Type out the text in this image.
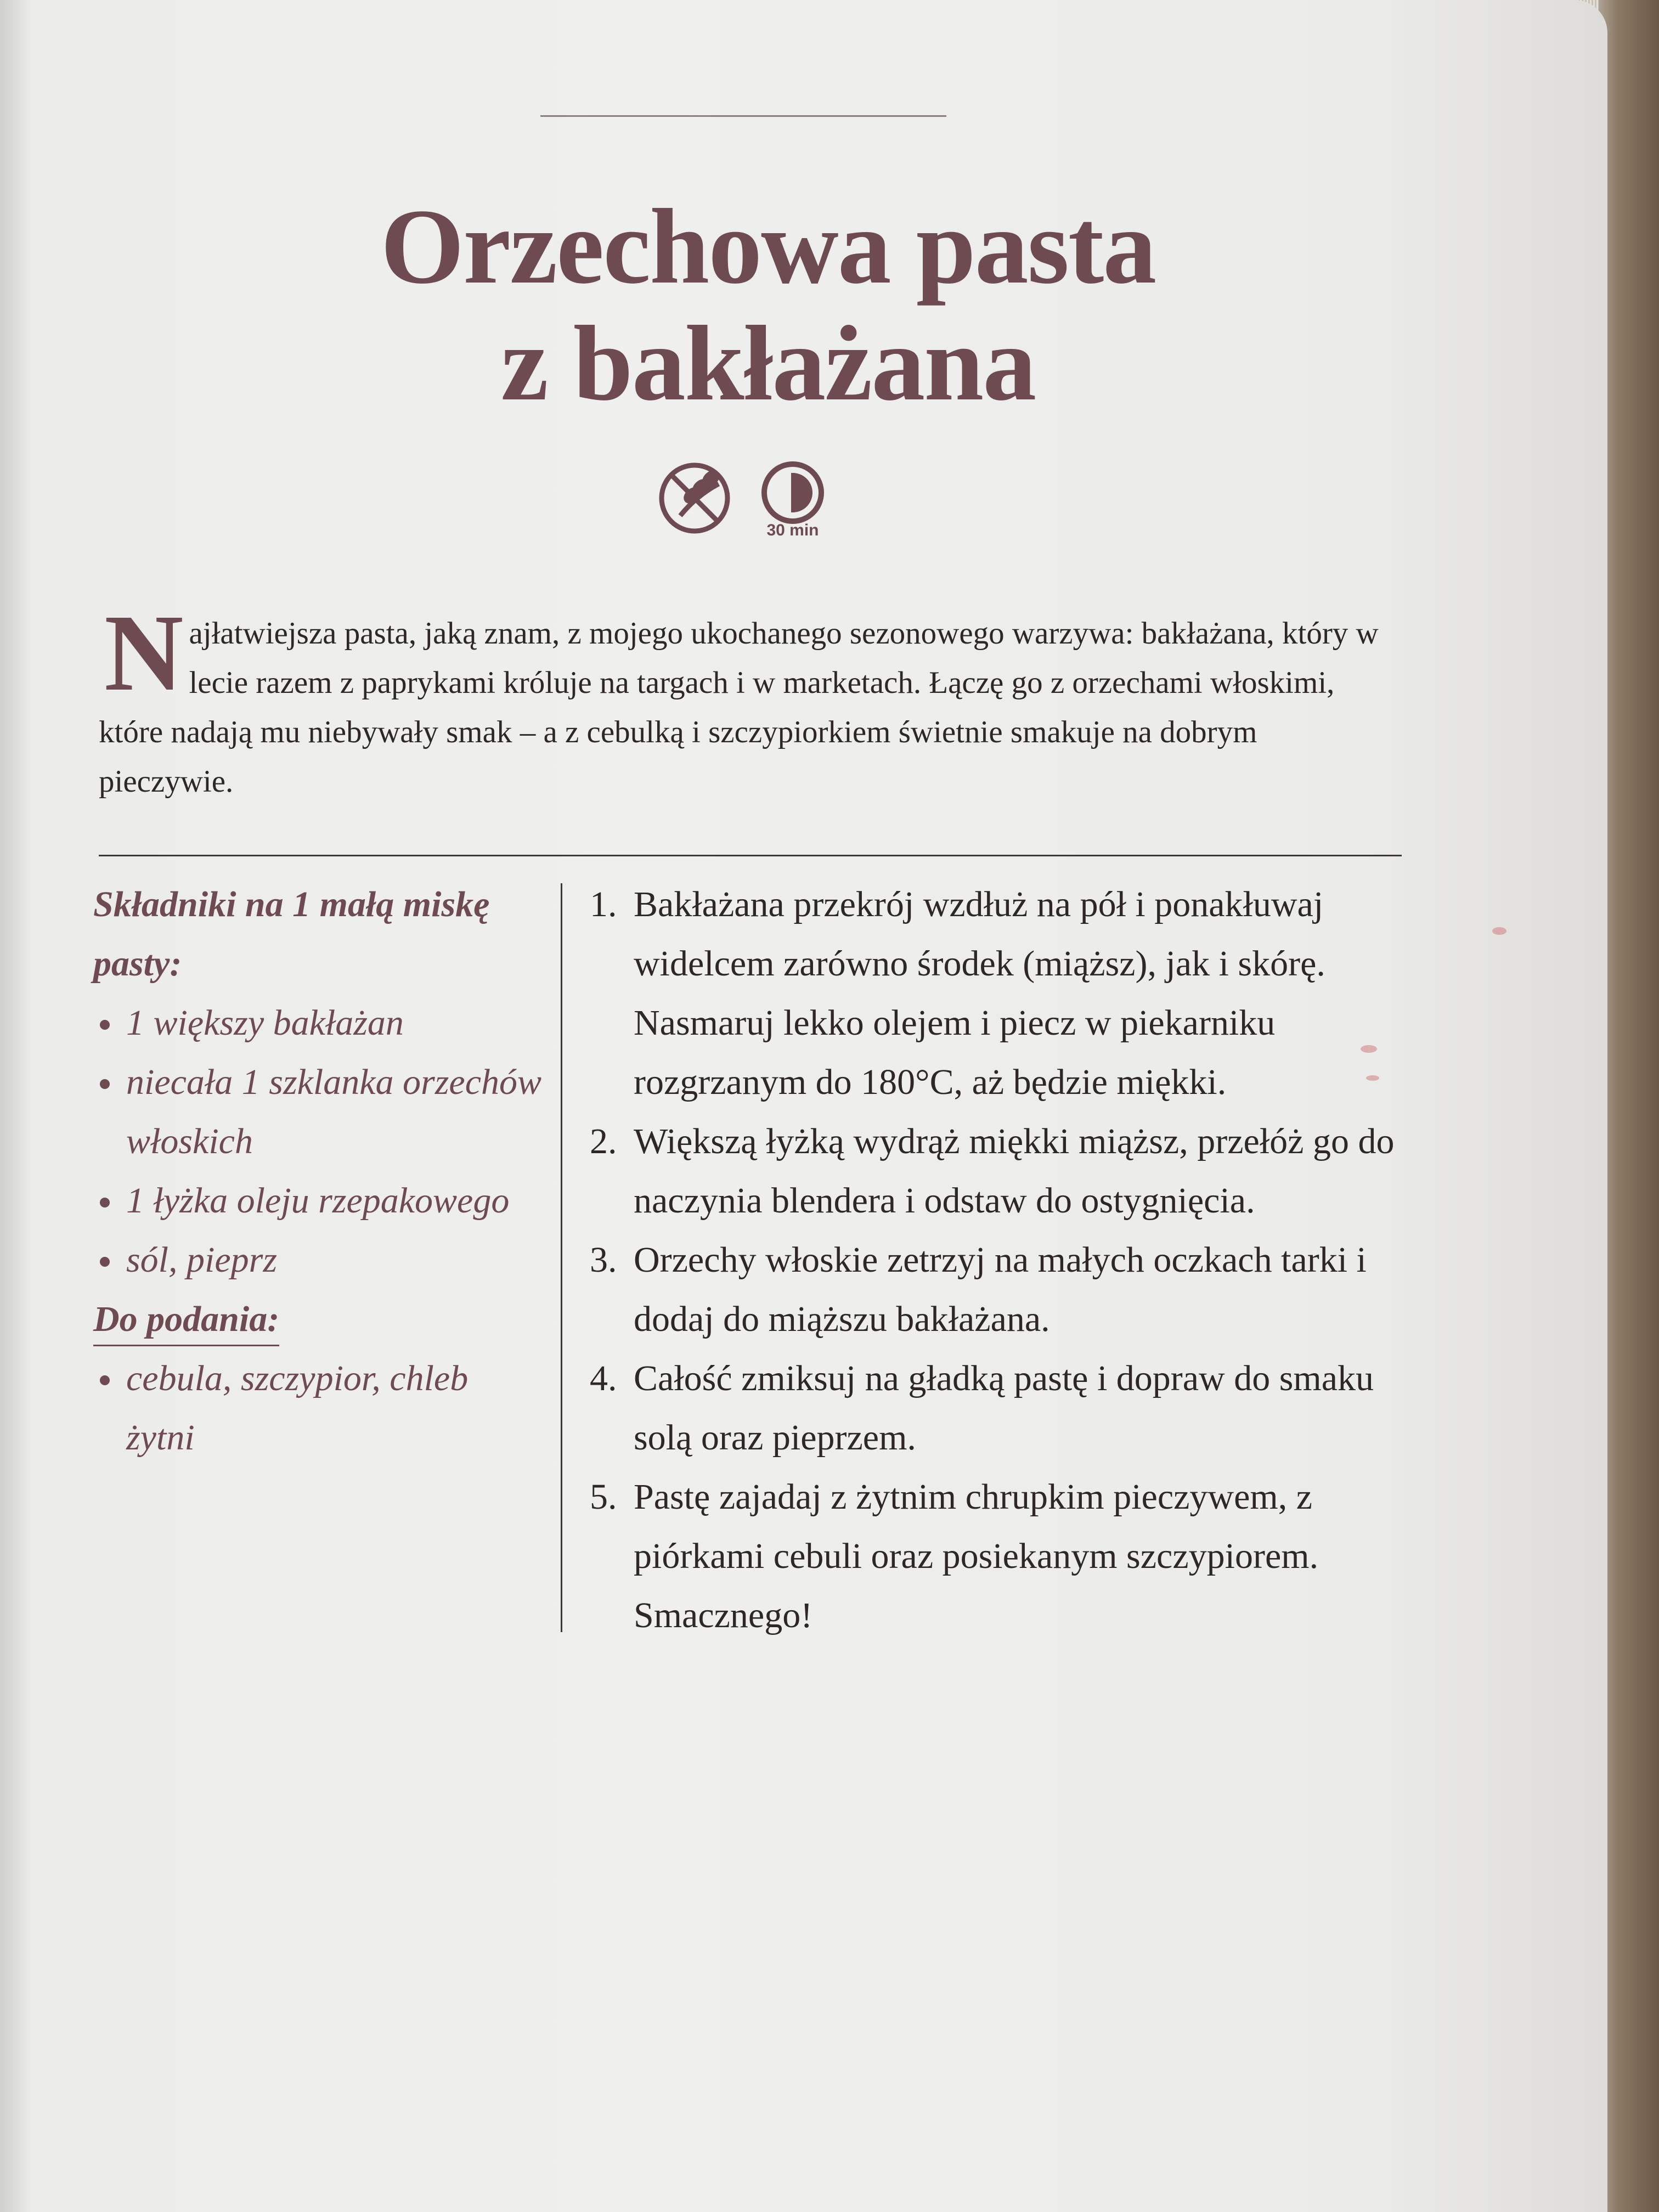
Orzechowa pasta
z bakłażana
30 min
Najłatwiejsza pasta, jaką znam, z mojego ukochanego sezonowego warzywa: bakłażana, który w lecie razem z paprykami króluje na targach i w marketach. Łączę go z orzechami włoskimi, które nadają mu niebywały smak – a z cebulką i szczypiorkiem świetnie smakuje na dobrym pieczywie.
Składniki na 1 małą miskę pasty:
1 większy bakłażan
niecała 1 szklanka orzechów włoskich
1 łyżka oleju rzepakowego
sól, pieprz
Do podania:
cebula, szczypior, chleb żytni
1. Bakłażana przekrój wzdłuż na pół i ponakłuwaj widelcem zarówno środek (miąższ), jak i skórę. Nasmaruj lekko olejem i piecz w piekarniku rozgrzanym do 180°C, aż będzie miękki.
2. Większą łyżką wydrąż miękki miąższ, przełóż go do naczynia blendera i odstaw do ostygnięcia.
3. Orzechy włoskie zetrzyj na małych oczkach tarki i dodaj do miąższu bakłażana.
4. Całość zmiksuj na gładką pastę i dopraw do smaku solą oraz pieprzem.
5. Pastę zajadaj z żytnim chrupkim pieczywem, z piórkami cebuli oraz posiekanym szczypiorem. Smacznego!
